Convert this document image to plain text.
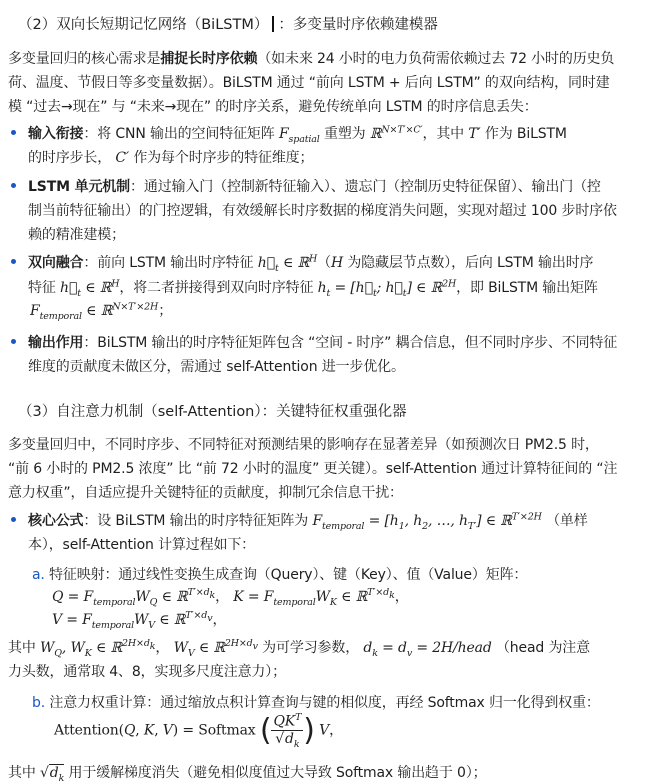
（2）双向长短期记忆网络（BiLSTM） ：多变量时序依赖建模器
多变量回归的核心需求是捕捉长时序依赖（如未来 24 小时的电力负荷需依赖过去 72 小时的历史负
荷、温度、节假日等多变量数据）。BiLSTM 通过 “前向 LSTM + 后向 LSTM” 的双向结构，同时建
模 “过去→现在” 与 “未来→现在” 的时序关系，避免传统单向 LSTM 的时序信息丢失：
输入衔接：将 CNN 输出的空间特征矩阵 $F_{spatial}$ 重塑为 ℝ$^{N\times T'\times C'}$，其中 T′ 作为 BiLSTM
的时序步长， C′ 作为每个时序步的特征维度；
LSTM 单元机制：通过输入门（控制新特征输入）、遗忘门（控制历史特征保留）、输出门（控
制当前特征输出）的门控逻辑，有效缓解长时序数据的梯度消失问题，实现对超过 100 步时序依
赖的精准建模；
双向融合：前向 LSTM 输出时序特征 $h⃗_t$ ∈ ℝ$^H$（H 为隐藏层节点数），后向 LSTM 输出时序
特征 $h⃖_t$ ∈ ℝ$^H$，将二者拼接得到双向时序特征 $h_t$ = [$h⃗_t$; $h⃖_t$] ∈ ℝ$^{2H}$，即 BiLSTM 输出矩阵
$F_{temporal}$ ∈ ℝ$^{N\times T'\times 2H}$；
输出作用：BiLSTM 输出的时序特征矩阵包含 “空间 - 时序” 耦合信息，但不同时序步、不同特征
维度的贡献度未做区分，需通过 self-Attention 进一步优化。
（3）自注意力机制（self-Attention）：关键特征权重强化器
多变量回归中，不同时序步、不同特征对预测结果的影响存在显著差异（如预测次日 PM2.5 时，
“前 6 小时的 PM2.5 浓度” 比 “前 72 小时的温度” 更关键）。self-Attention 通过计算特征间的 “注
意力权重”，自适应提升关键特征的贡献度，抑制冗余信息干扰：
核心公式：设 BiLSTM 输出的时序特征矩阵为 $F_{temporal} = [h_1$, $h_2$, …, $h_{T'}$] ∈ ℝ$^{T'\times 2H}$ （单样
本），self-Attention 计算过程如下：
a. 特征映射：通过线性变换生成查询（Query）、键（Key）、值（Value）矩阵：
$Q = F_{temporal}W_Q$ ∈ ℝ$^{T'\times d_k}$， $K = F_{temporal}W_K$ ∈ ℝ$^{T'\times d_k}$，
$V = F_{temporal}W_V$ ∈ ℝ$^{T'\times d_v}$，
其中 $W_Q$, $W_K$ ∈ ℝ$^{2H\times d_k}$， $W_V$ ∈ ℝ$^{2H\times d_v}$ 为可学习参数， $d_k = d_v$ = 2H/head （head 为注意
力头数，通常取 4、8，实现多尺度注意力）；
b. 注意力权重计算：通过缩放点积计算查询与键的相似度，再经 Softmax 归一化得到权重：
Attention(Q, K, V) = Softmax ( $\frac{QK^T}{√d_k}$ ) V，
其中 $√d_k$ 用于缓解梯度消失（避免相似度值过大导致 Softmax 输出趋于 0）；
